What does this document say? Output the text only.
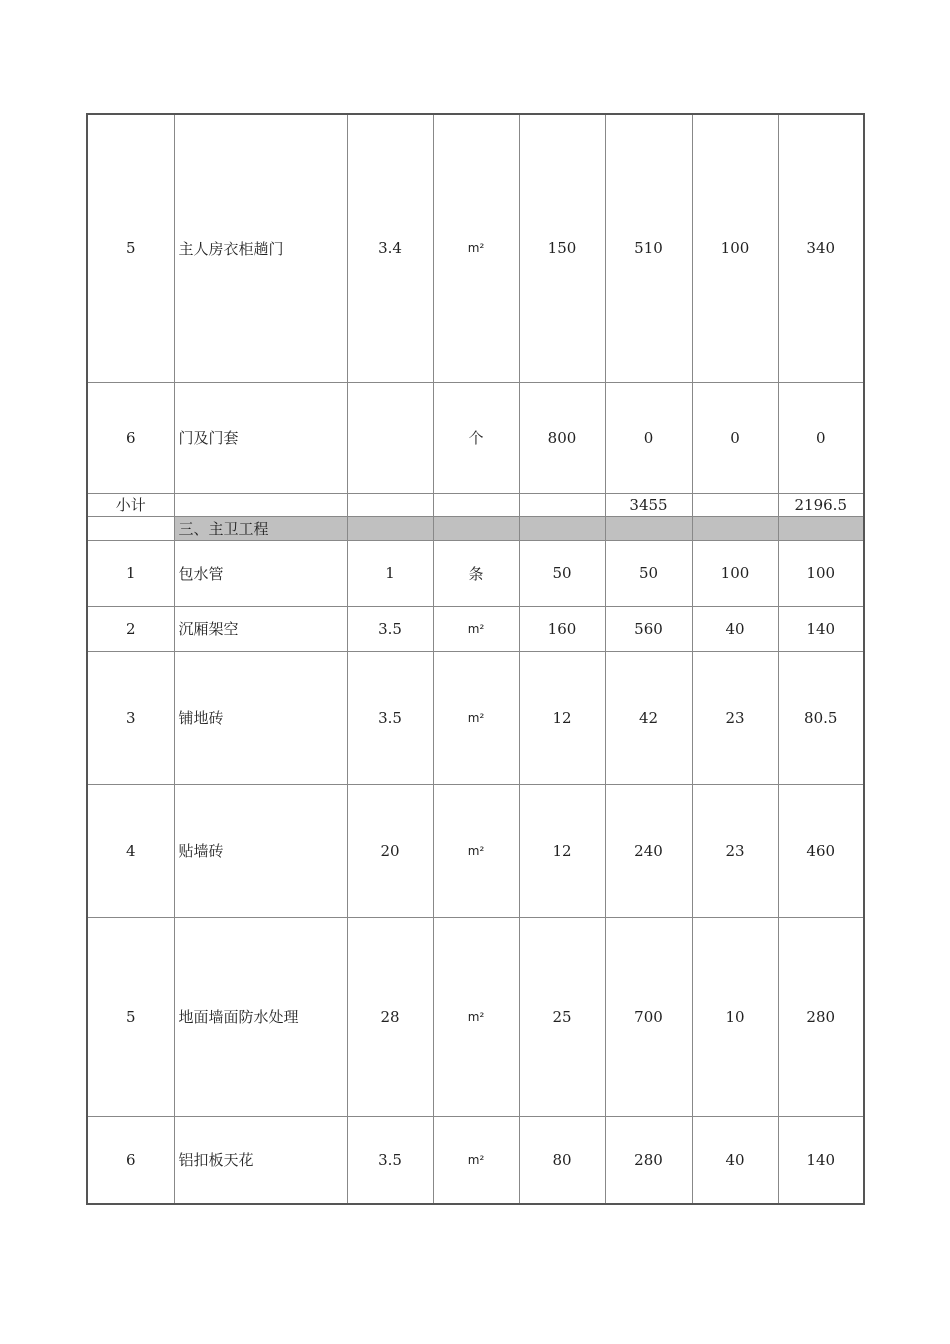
5	主人房衣柜趟门	3.4	m²	150	510	100	340
6	门及门套		个	800	0	0	0
小计					3455		2196.5
	三、主卫工程						
1	包水管	1	条	50	50	100	100
2	沉厢架空	3.5	m²	160	560	40	140
3	铺地砖	3.5	m²	12	42	23	80.5
4	贴墙砖	20	m²	12	240	23	460
5	地面墙面防水处理	28	m²	25	700	10	280
6	铝扣板天花	3.5	m²	80	280	40	140
